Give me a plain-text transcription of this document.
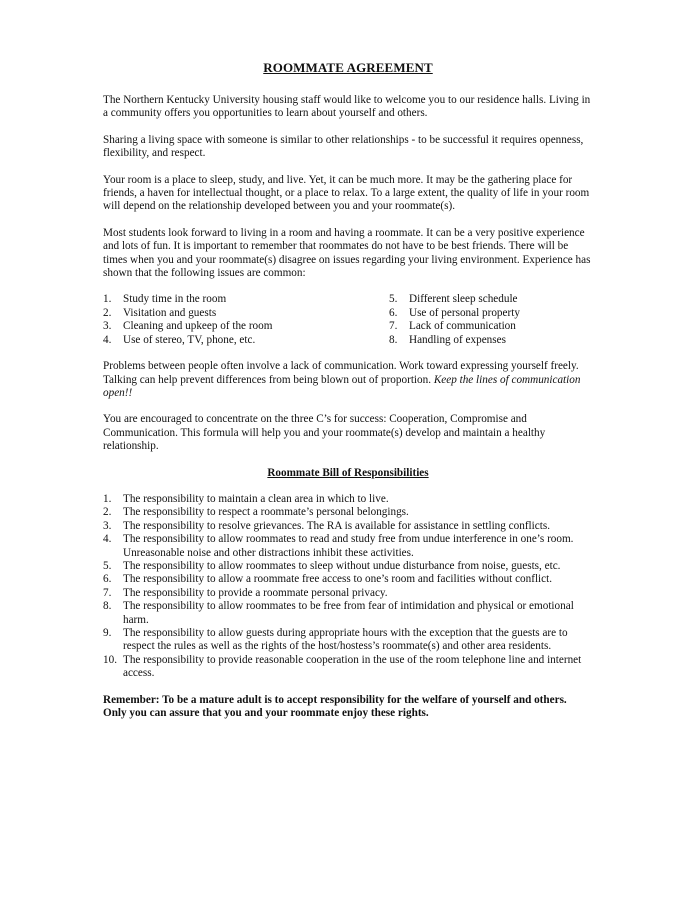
ROOMMATE AGREEMENT

The Northern Kentucky University housing staff would like to welcome you to our residence halls. Living in a community offers you opportunities to learn about yourself and others.

Sharing a living space with someone is similar to other relationships - to be successful it requires openness, flexibility, and respect.

Your room is a place to sleep, study, and live. Yet, it can be much more. It may be the gathering place for friends, a haven for intellectual thought, or a place to relax. To a large extent, the quality of life in your room will depend on the relationship developed between you and your roommate(s).

Most students look forward to living in a room and having a roommate. It can be a very positive experience and lots of fun. It is important to remember that roommates do not have to be best friends. There will be times when you and your roommate(s) disagree on issues regarding your living environment. Experience has shown that the following issues are common:

1.	Study time in the room
2.	Visitation and guests
3.	Cleaning and upkeep of the room
4.	Use of stereo, TV, phone, etc.
5.	Different sleep schedule
6.	Use of personal property
7.	Lack of communication
8.	Handling of expenses

Problems between people often involve a lack of communication. Work toward expressing yourself freely. Talking can help prevent differences from being blown out of proportion. Keep the lines of communication open!!

You are encouraged to concentrate on the three C’s for success: Cooperation, Compromise and Communication. This formula will help you and your roommate(s) develop and maintain a healthy relationship.

Roommate Bill of Responsibilities
1.	The responsibility to maintain a clean area in which to live.
2.	The responsibility to respect a roommate’s personal belongings.
3.	The responsibility to resolve grievances. The RA is available for assistance in settling conflicts.
4.	The responsibility to allow roommates to read and study free from undue interference in one’s room. Unreasonable noise and other distractions inhibit these activities.
5.	The responsibility to allow roommates to sleep without undue disturbance from noise, guests, etc.
6.	The responsibility to allow a roommate free access to one’s room and facilities without conflict.
7.	The responsibility to provide a roommate personal privacy.
8.	The responsibility to allow roommates to be free from fear of intimidation and physical or emotional harm.
9.	The responsibility to allow guests during appropriate hours with the exception that the guests are to respect the rules as well as the rights of the host/hostess’s roommate(s) and other area residents.
10. The responsibility to provide reasonable cooperation in the use of the room telephone line and internet access.

Remember: To be a mature adult is to accept responsibility for the welfare of yourself and others. Only you can assure that you and your roommate enjoy these rights.
